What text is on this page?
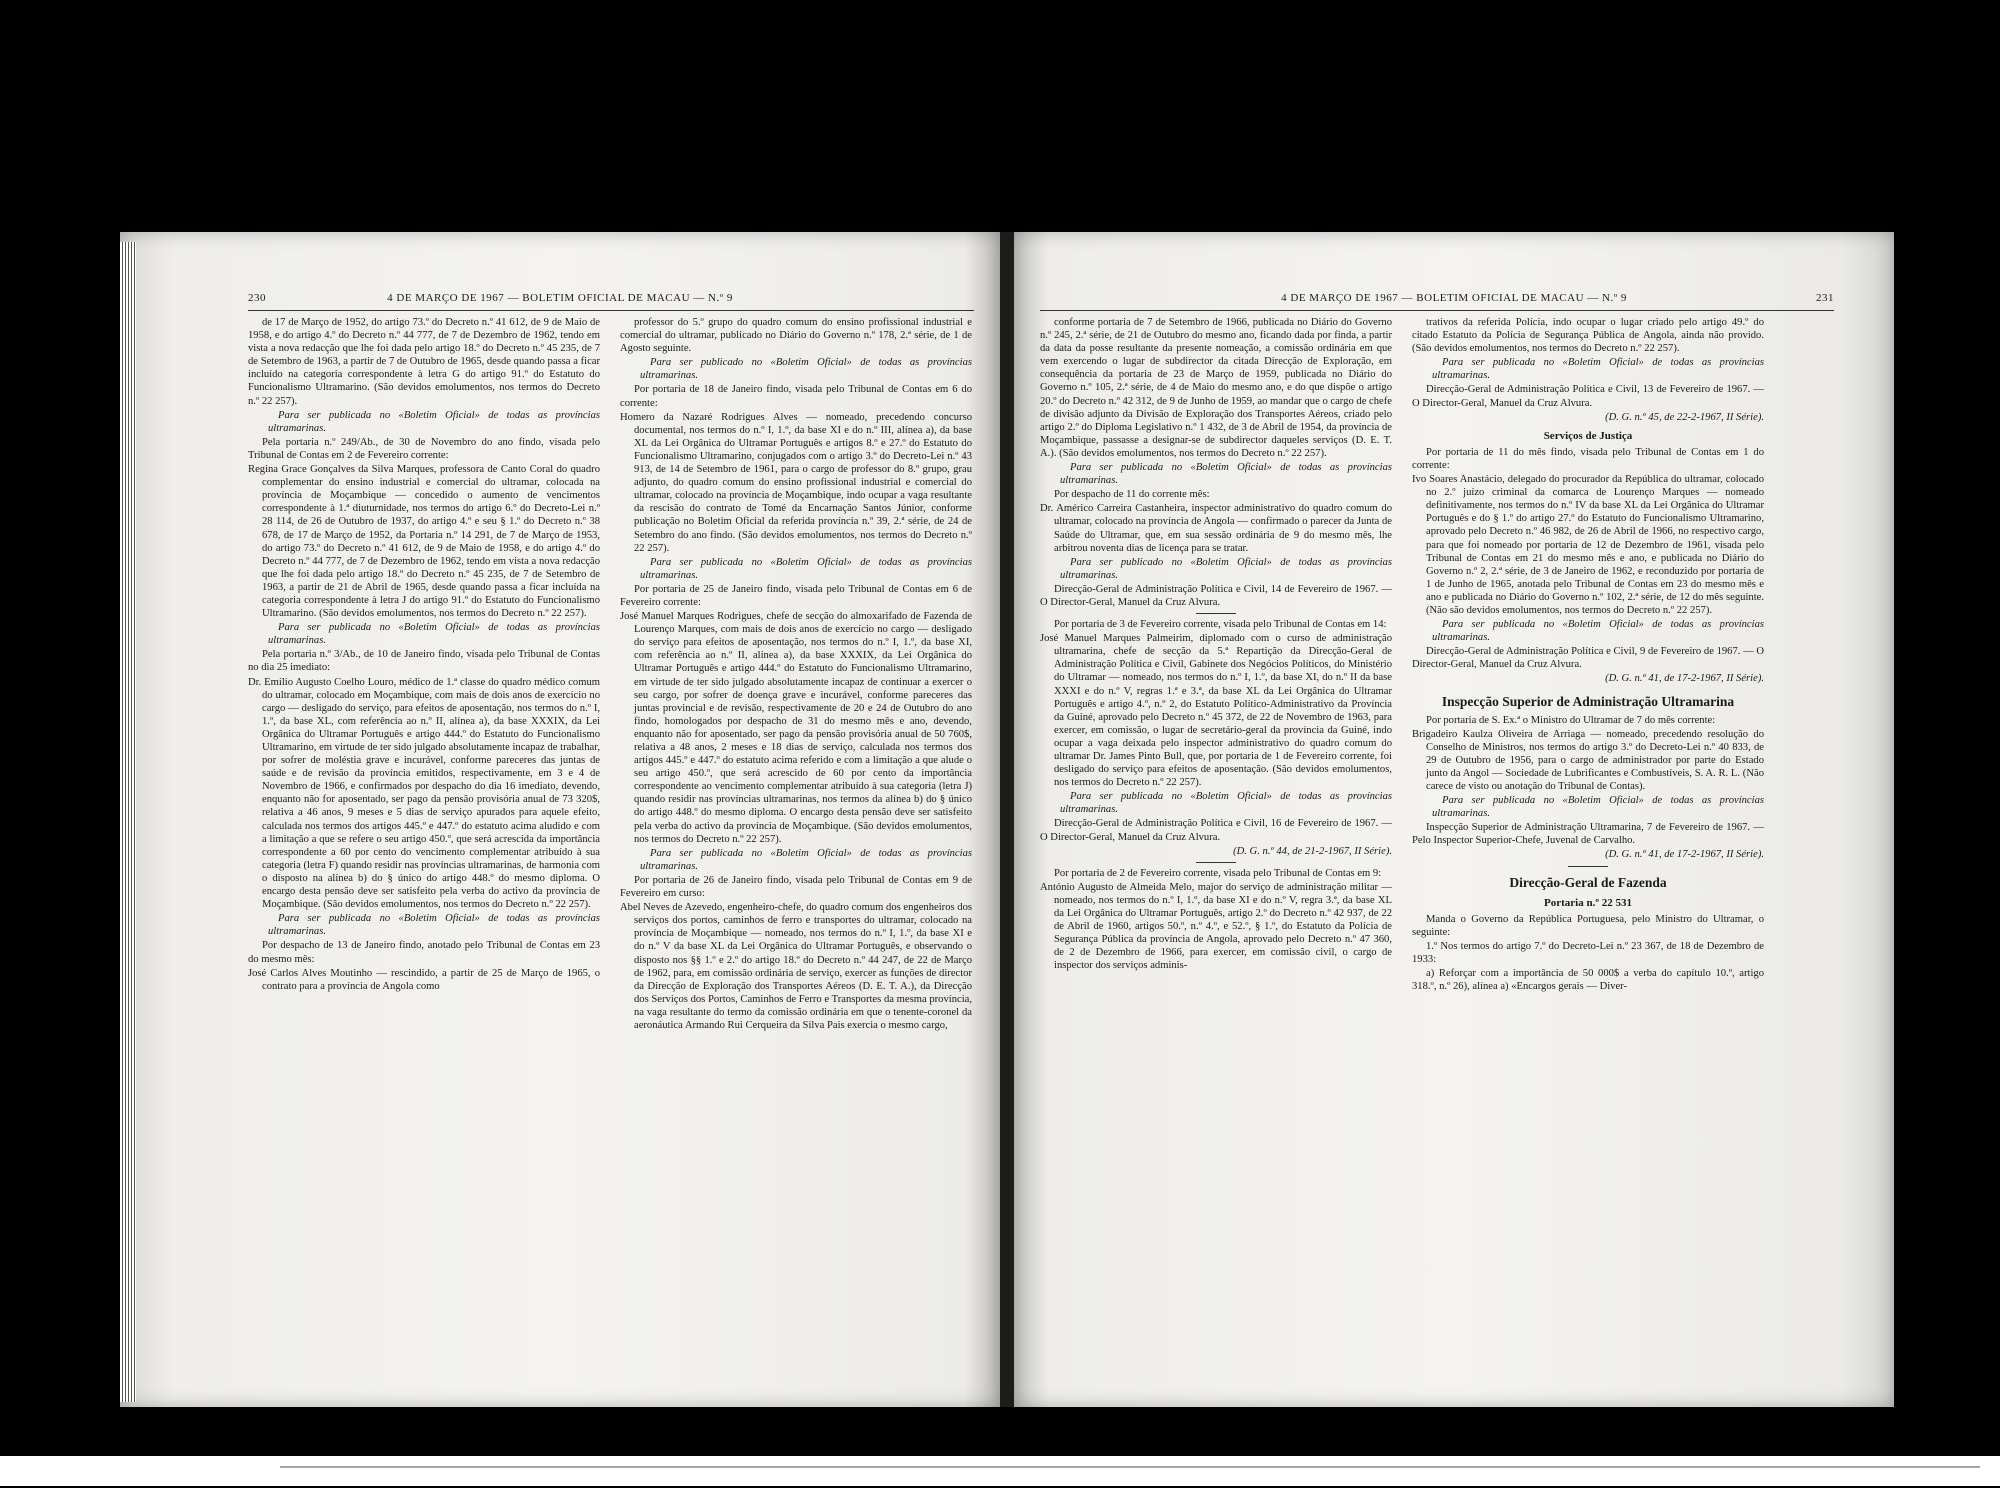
230	4 DE MARÇO DE 1967 — BOLETIM OFICIAL DE MACAU — N.º 9

de 17 de Março de 1952, do artigo 73.º do Decreto n.º 41 612, de 9 de Maio de 1958, e do artigo 4.º do Decreto n.º 44 777, de 7 de Dezembro de 1962, tendo em vista a nova redacção que lhe foi dada pelo artigo 18.º do Decreto n.º 45 235, de 7 de Setembro de 1963, a partir de 7 de Outubro de 1965, desde quando passa a ficar incluído na categoria correspondente à letra G do artigo 91.º do Estatuto do Funcionalismo Ultramarino. (São devidos emolumentos, nos termos do Decreto n.º 22 257).

Para ser publicada no «Boletim Oficial» de todas as províncias ultramarinas.

Pela portaria n.º 249/Ab., de 30 de Novembro do ano findo, visada pelo Tribunal de Contas em 2 de Fevereiro corrente:

Regina Grace Gonçalves da Silva Marques, professora de Canto Coral do quadro complementar do ensino industrial e comercial do ultramar, colocada na província de Moçambique — concedido o aumento de vencimentos correspondente à 1.ª diuturnidade, nos termos do artigo 6.º do Decreto-Lei n.º 28 114, de 26 de Outubro de 1937, do artigo 4.º e seu § 1.º do Decreto n.º 38 678, de 17 de Março de 1952, da Portaria n.º 14 291, de 7 de Março de 1953, do artigo 73.º do Decreto n.º 41 612, de 9 de Maio de 1958, e do artigo 4.º do Decreto n.º 44 777, de 7 de Dezembro de 1962, tendo em vista a nova redacção que lhe foi dada pelo artigo 18.º do Decreto n.º 45 235, de 7 de Setembro de 1963, a partir de 21 de Abril de 1965, desde quando passa a ficar incluída na categoria correspondente à letra J do artigo 91.º do Estatuto do Funcionalismo Ultramarino. (São devidos emolumentos, nos termos do Decreto n.º 22 257).

Para ser publicada no «Boletim Oficial» de todas as províncias ultramarinas.

Pela portaria n.º 3/Ab., de 10 de Janeiro findo, visada pelo Tribunal de Contas no dia 25 imediato:

Dr. Emílio Augusto Coelho Louro, médico de 1.ª classe do quadro médico comum do ultramar, colocado em Moçambique, com mais de dois anos de exercício no cargo — desligado do serviço, para efeitos de aposentação, nos termos do n.º I, 1.º, da base XL, com referência ao n.º II, alínea a), da base XXXIX, da Lei Orgânica do Ultramar Português e artigo 444.º do Estatuto do Funcionalismo Ultramarino, em virtude de ter sido julgado absolutamente incapaz de trabalhar, por sofrer de moléstia grave e incurável, conforme pareceres das juntas de saúde e de revisão da província emitidos, respectivamente, em 3 e 4 de Novembro de 1966, e confirmados por despacho do dia 16 imediato, devendo, enquanto não for aposentado, ser pago da pensão provisória anual de 73 320$, relativa a 46 anos, 9 meses e 5 dias de serviço apurados para aquele efeito, calculada nos termos dos artigos 445.º e 447.º do estatuto acima aludido e com a limitação a que se refere o seu artigo 450.º, que será acrescida da importância correspondente a 60 por cento do vencimento complementar atribuído à sua categoria (letra F) quando residir nas províncias ultramarinas, de harmonia com o disposto na alínea b) do § único do artigo 448.º do mesmo diploma. O encargo desta pensão deve ser satisfeito pela verba do activo da província de Moçambique. (São devidos emolumentos, nos termos do Decreto n.º 22 257).

Para ser publicada no «Boletim Oficial» de todas as províncias ultramarinas.

Por despacho de 13 de Janeiro findo, anotado pelo Tribunal de Contas em 23 do mesmo mês:

José Carlos Alves Moutinho — rescindido, a partir de 25 de Março de 1965, o contrato para a província de Angola como

professor do 5.º grupo do quadro comum do ensino profissional industrial e comercial do ultramar, publicado no Diário do Governo n.º 178, 2.ª série, de 1 de Agosto seguinte.

Para ser publicado no «Boletim Oficial» de todas as províncias ultramarinas.

Por portaria de 18 de Janeiro findo, visada pelo Tribunal de Contas em 6 do corrente:

Homero da Nazaré Rodrigues Alves — nomeado, precedendo concurso documental, nos termos do n.º I, 1.º, da base XI e do n.º III, alínea a), da base XL da Lei Orgânica do Ultramar Português e artigos 8.º e 27.º do Estatuto do Funcionalismo Ultramarino, conjugados com o artigo 3.º do Decreto-Lei n.º 43 913, de 14 de Setembro de 1961, para o cargo de professor do 8.º grupo, grau adjunto, do quadro comum do ensino profissional industrial e comercial do ultramar, colocado na província de Moçambique, indo ocupar a vaga resultante da rescisão do contrato de Tomé da Encarnação Santos Júnior, conforme publicação no Boletim Oficial da referida província n.º 39, 2.ª série, de 24 de Setembro do ano findo. (São devidos emolumentos, nos termos do Decreto n.º 22 257).

Para ser publicada no «Boletim Oficial» de todas as províncias ultramarinas.

Por portaria de 25 de Janeiro findo, visada pelo Tribunal de Contas em 6 de Fevereiro corrente:

José Manuel Marques Rodrigues, chefe de secção do almoxarifado de Fazenda de Lourenço Marques, com mais de dois anos de exercício no cargo — desligado do serviço para efeitos de aposentação, nos termos do n.º I, 1.º, da base XI, com referência ao n.º II, alínea a), da base XXXIX, da Lei Orgânica do Ultramar Português e artigo 444.º do Estatuto do Funcionalismo Ultramarino, em virtude de ter sido julgado absolutamente incapaz de continuar a exercer o seu cargo, por sofrer de doença grave e incurável, conforme pareceres das juntas provincial e de revisão, respectivamente de 20 e 24 de Outubro do ano findo, homologados por despacho de 31 do mesmo mês e ano, devendo, enquanto não for aposentado, ser pago da pensão provisória anual de 50 760$, relativa a 48 anos, 2 meses e 18 dias de serviço, calculada nos termos dos artigos 445.º e 447.º do estatuto acima referido e com a limitação a que alude o seu artigo 450.º, que será acrescido de 60 por cento da importância correspondente ao vencimento complementar atribuído à sua categoria (letra J) quando residir nas províncias ultramarinas, nos termos da alínea b) do § único do artigo 448.º do mesmo diploma. O encargo desta pensão deve ser satisfeito pela verba do activo da província de Moçambique. (São devidos emolumentos, nos termos do Decreto n.º 22 257).

Para ser publicada no «Boletim Oficial» de todas as províncias ultramarinas.

Por portaria de 26 de Janeiro findo, visada pelo Tribunal de Contas em 9 de Fevereiro em curso:

Abel Neves de Azevedo, engenheiro-chefe, do quadro comum dos engenheiros dos serviços dos portos, caminhos de ferro e transportes do ultramar, colocado na província de Moçambique — nomeado, nos termos do n.º I, 1.º, da base XI e do n.º V da base XL da Lei Orgânica do Ultramar Português, e observando o disposto nos §§ 1.º e 2.º do artigo 18.º do Decreto n.º 44 247, de 22 de Março de 1962, para, em comissão ordinária de serviço, exercer as funções de director da Direcção de Exploração dos Transportes Aéreos (D. E. T. A.), da Direcção dos Serviços dos Portos, Caminhos de Ferro e Transportes da mesma província, na vaga resultante do termo da comissão ordinária em que o tenente-coronel da aeronáutica Armando Rui Cerqueira da Silva Pais exercia o mesmo cargo,

4 DE MARÇO DE 1967 — BOLETIM OFICIAL DE MACAU — N.º 9	231

conforme portaria de 7 de Setembro de 1966, publicada no Diário do Governo n.º 245, 2.ª série, de 21 de Outubro do mesmo ano, ficando dada por finda, a partir da data da posse resultante da presente nomeação, a comissão ordinária em que vem exercendo o lugar de subdirector da citada Direcção de Exploração, em consequência da portaria de 23 de Março de 1959, publicada no Diário do Governo n.º 105, 2.ª série, de 4 de Maio do mesmo ano, e do que dispõe o artigo 20.º do Decreto n.º 42 312, de 9 de Junho de 1959, ao mandar que o cargo de chefe de divisão adjunto da Divisão de Exploração dos Transportes Aéreos, criado pelo artigo 2.º do Diploma Legislativo n.º 1 432, de 3 de Abril de 1954, da província de Moçambique, passasse a designar-se de subdirector daqueles serviços (D. E. T. A.). (São devidos emolumentos, nos termos do Decreto n.º 22 257).

Para ser publicada no «Boletim Oficial» de todas as províncias ultramarinas.

Por despacho de 11 do corrente mês:

Dr. Américo Carreira Castanheira, inspector administrativo do quadro comum do ultramar, colocado na província de Angola — confirmado o parecer da Junta de Saúde do Ultramar, que, em sua sessão ordinária de 9 do mesmo mês, lhe arbitrou noventa dias de licença para se tratar.

Para ser publicado no «Boletim Oficial» de todas as províncias ultramarinas.

Direcção-Geral de Administração Política e Civil, 14 de Fevereiro de 1967. — O Director-Geral, Manuel da Cruz Alvura.

Por portaria de 3 de Fevereiro corrente, visada pelo Tribunal de Contas em 14:

José Manuel Marques Palmeirim, diplomado com o curso de administração ultramarina, chefe de secção da 5.ª Repartição da Direcção-Geral de Administração Política e Civil, Gabinete dos Negócios Políticos, do Ministério do Ultramar — nomeado, nos termos do n.º I, 1.º, da base XI, do n.º II da base XXXI e do n.º V, regras 1.ª e 3.ª, da base XL da Lei Orgânica do Ultramar Português e artigo 4.º, n.º 2, do Estatuto Político-Administrativo da Província da Guiné, aprovado pelo Decreto n.º 45 372, de 22 de Novembro de 1963, para exercer, em comissão, o lugar de secretário-geral da província da Guiné, indo ocupar a vaga deixada pelo inspector administrativo do quadro comum do ultramar Dr. James Pinto Bull, que, por portaria de 1 de Fevereiro corrente, foi desligado do serviço para efeitos de aposentação. (São devidos emolumentos, nos termos do Decreto n.º 22 257).

Para ser publicada no «Boletim Oficial» de todas as províncias ultramarinas.

Direcção-Geral de Administração Política e Civil, 16 de Fevereiro de 1967. — O Director-Geral, Manuel da Cruz Alvura.

(D. G. n.º 44, de 21-2-1967, II Série).

Por portaria de 2 de Fevereiro corrente, visada pelo Tribunal de Contas em 9:

António Augusto de Almeida Melo, major do serviço de administração militar — nomeado, nos termos do n.º I, 1.º, da base XI e do n.º V, regra 3.ª, da base XL da Lei Orgânica do Ultramar Português, artigo 2.º do Decreto n.º 42 937, de 22 de Abril de 1960, artigos 50.º, n.º 4.º, e 52.º, § 1.º, do Estatuto da Polícia de Segurança Pública da província de Angola, aprovado pelo Decreto n.º 47 360, de 2 de Dezembro de 1966, para exercer, em comissão civil, o cargo de inspector dos serviços adminis-

trativos da referida Polícia, indo ocupar o lugar criado pelo artigo 49.º do citado Estatuto da Polícia de Segurança Pública de Angola, ainda não provido. (São devidos emolumentos, nos termos do Decreto n.º 22 257).

Para ser publicada no «Boletim Oficial» de todas as províncias ultramarinas.

Direcção-Geral de Administração Política e Civil, 13 de Fevereiro de 1967. — O Director-Geral, Manuel da Cruz Alvura.

(D. G. n.º 45, de 22-2-1967, II Série).

Serviços de Justiça

Por portaria de 11 do mês findo, visada pelo Tribunal de Contas em 1 do corrente:

Ivo Soares Anastácio, delegado do procurador da República do ultramar, colocado no 2.º juízo criminal da comarca de Lourenço Marques — nomeado definitivamente, nos termos do n.º IV da base XL da Lei Orgânica do Ultramar Português e do § 1.º do artigo 27.º do Estatuto do Funcionalismo Ultramarino, aprovado pelo Decreto n.º 46 982, de 26 de Abril de 1966, no respectivo cargo, para que foi nomeado por portaria de 12 de Dezembro de 1961, visada pelo Tribunal de Contas em 21 do mesmo mês e ano, e publicada no Diário do Governo n.º 2, 2.ª série, de 3 de Janeiro de 1962, e reconduzido por portaria de 1 de Junho de 1965, anotada pelo Tribunal de Contas em 23 do mesmo mês e ano e publicada no Diário do Governo n.º 102, 2.ª série, de 12 do mês seguinte. (Não são devidos emolumentos, nos termos do Decreto n.º 22 257).

Para ser publicada no «Boletim Oficial» de todas as províncias ultramarinas.

Direcção-Geral de Administração Política e Civil, 9 de Fevereiro de 1967. — O Director-Geral, Manuel da Cruz Alvura.

(D. G. n.º 41, de 17-2-1967, II Série).

Inspecção Superior de Administração Ultramarina

Por portaria de S. Ex.ª o Ministro do Ultramar de 7 do mês corrente:

Brigadeiro Kaulza Oliveira de Arriaga — nomeado, precedendo resolução do Conselho de Ministros, nos termos do artigo 3.º do Decreto-Lei n.º 40 833, de 29 de Outubro de 1956, para o cargo de administrador por parte do Estado junto da Angol — Sociedade de Lubrificantes e Combustíveis, S. A. R. L. (Não carece de visto ou anotação do Tribunal de Contas).

Para ser publicada no «Boletim Oficial» de todas as províncias ultramarinas.

Inspecção Superior de Administração Ultramarina, 7 de Fevereiro de 1967. — Pelo Inspector Superior-Chefe, Juvenal de Carvalho.

(D. G. n.º 41, de 17-2-1967, II Série).

Direcção-Geral de Fazenda
Portaria n.º 22 531

Manda o Governo da República Portuguesa, pelo Ministro do Ultramar, o seguinte:

1.º Nos termos do artigo 7.º do Decreto-Lei n.º 23 367, de 18 de Dezembro de 1933:

a) Reforçar com a importância de 50 000$ a verba do capítulo 10.º, artigo 318.º, n.º 26), alínea a) «Encargos gerais — Diver-
